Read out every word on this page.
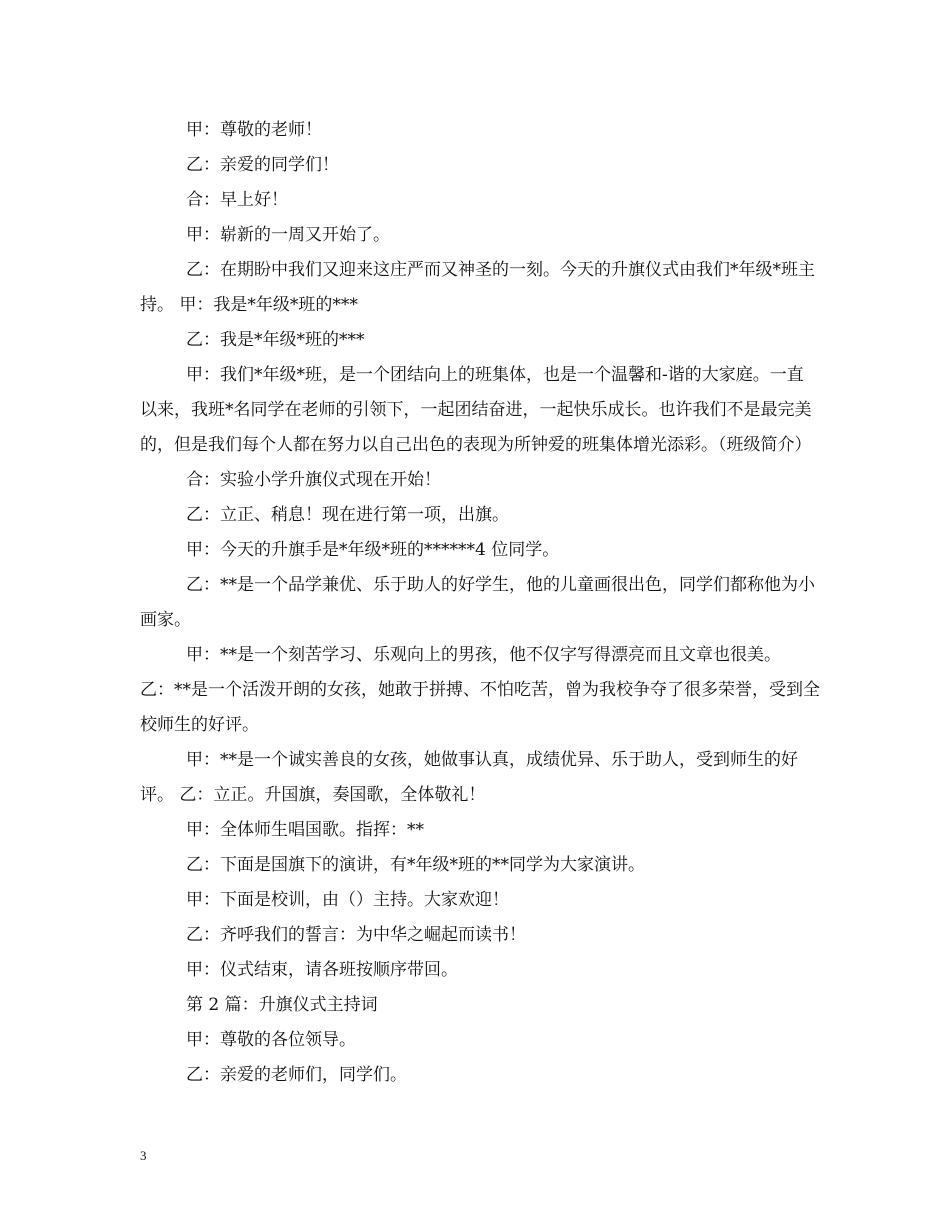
甲：尊敬的老师！

乙：亲爱的同学们！

合：早上好！

甲：崭新的一周又开始了。

乙：在期盼中我们又迎来这庄严而又神圣的一刻。今天的升旗仪式由我们*年级*班主持。 甲：我是*年级*班的***

乙：我是*年级*班的***

甲：我们*年级*班，是一个团结向上的班集体，也是一个温馨和-谐的大家庭。一直以来，我班*名同学在老师的引领下，一起团结奋进，一起快乐成长。也许我们不是最完美的，但是我们每个人都在努力以自己出色的表现为所钟爱的班集体增光添彩。（班级简介）

合：实验小学升旗仪式现在开始！

乙：立正、稍息！现在进行第一项，出旗。

甲：今天的升旗手是*年级*班的******4 位同学。

乙：**是一个品学兼优、乐于助人的好学生，他的儿童画很出色，同学们都称他为小画家。

甲：**是一个刻苦学习、乐观向上的男孩，他不仅字写得漂亮而且文章也很美。 乙：**是一个活泼开朗的女孩，她敢于拼搏、不怕吃苦，曾为我校争夺了很多荣誉，受到全校师生的好评。

甲：**是一个诚实善良的女孩，她做事认真，成绩优异、乐于助人，受到师生的好评。 乙：立正。升国旗，奏国歌，全体敬礼！

甲：全体师生唱国歌。指挥：**

乙：下面是国旗下的演讲，有*年级*班的**同学为大家演讲。

甲：下面是校训，由（）主持。大家欢迎！

乙：齐呼我们的誓言：为中华之崛起而读书！

甲：仪式结束，请各班按顺序带回。

第 2 篇：升旗仪式主持词

甲：尊敬的各位领导。

乙：亲爱的老师们，同学们。

3
